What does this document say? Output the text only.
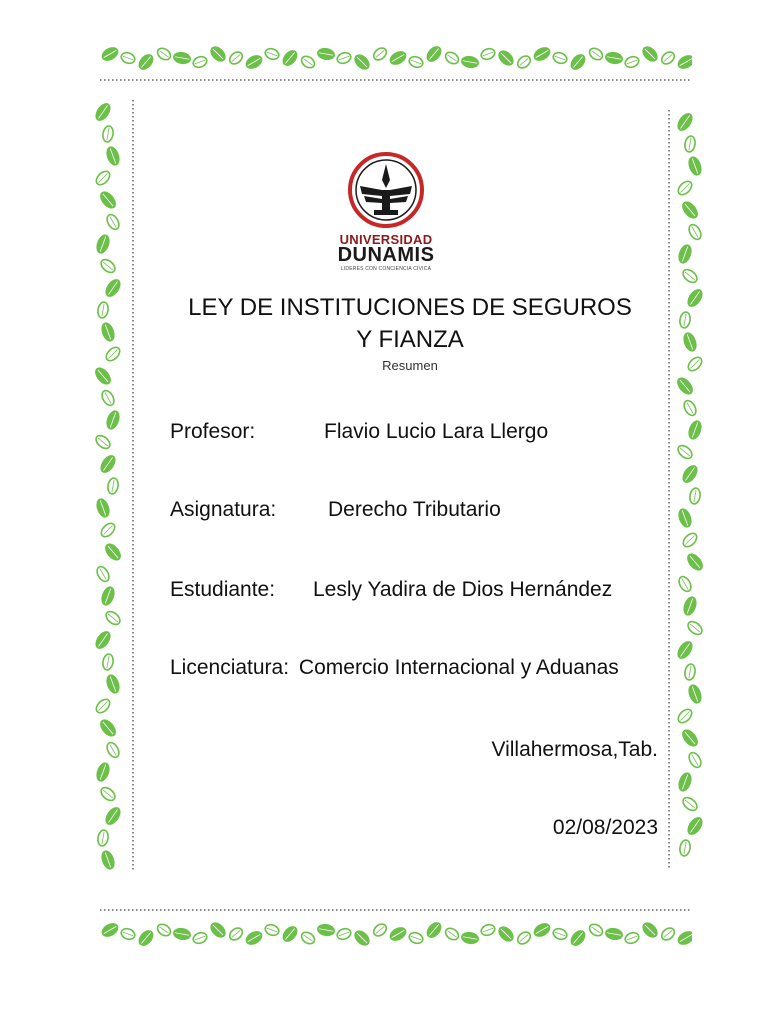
UNIVERSIDAD
DUNAMIS
LIDERES CON CONCIENCIA CIVICA
LEY DE INSTITUCIONES DE SEGUROS
Y FIANZA
Resumen
Profesor:	Flavio Lucio Lara Llergo
Asignatura: Derecho Tributario
Estudiante: Lesly Yadira de Dios Hernández
Licenciatura: Comercio Internacional y Aduanas
Villahermosa,Tab.
02/08/2023
